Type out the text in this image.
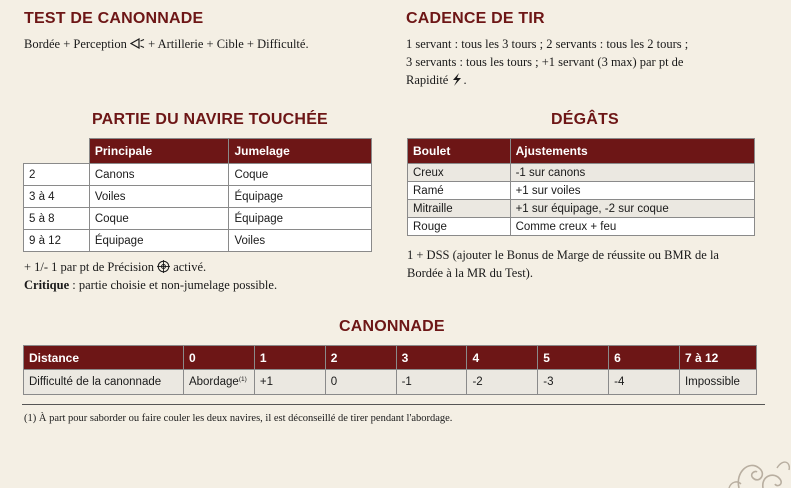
TEST DE CANONNADE

Bordée + Perception  + Artillerie + Cible + Difficulté.

CADENCE DE TIR
1 servant : tous les 3 tours ; 2 servants : tous les 2 tours ;
3 servants : tous les tours ; +1 servant (3 max) par pt de
Rapidité .
PARTIE DU NAVIRE TOUCHÉE
	Principale	Jumelage
2	Canons	Coque
3 à 4	Voiles	Équipage
5 à 8	Coque	Équipage
9 à 12	Équipage	Voiles
+ 1/- 1 par pt de Précision  activé.
Critique : partie choisie et non-jumelage possible.
DÉGÂTS
Boulet	Ajustements
Creux	-1 sur canons
Ramé	+1 sur voiles
Mitraille	+1 sur équipage, -2 sur coque
Rouge	Comme creux + feu
1 + DSS (ajouter le Bonus de Marge de réussite ou BMR de la
Bordée à la MR du Test).
CANONNADE
Distance	0	1	2	3	4	5	6	7 à 12
Difficulté de la canonnade	Abordage$^{(1)}$	+1	0	-1	-2	-3	-4	Impossible

(1) À part pour saborder ou faire couler les deux navires, il est déconseillé de tirer pendant l'abordage.
